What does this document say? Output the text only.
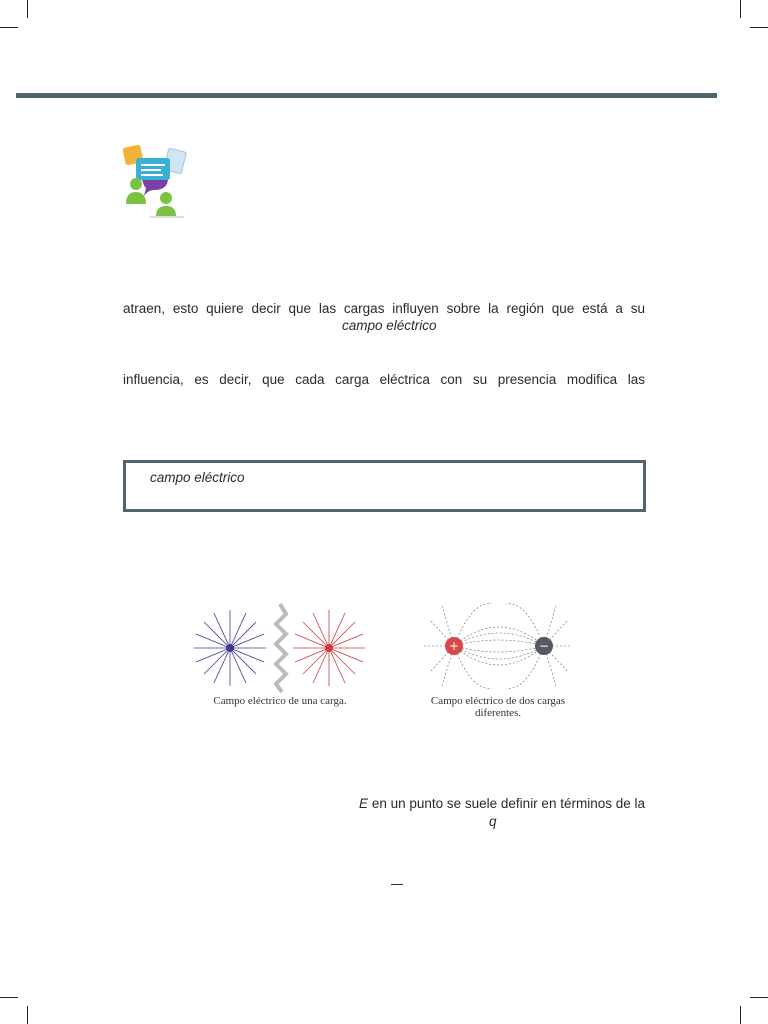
atraen, esto quiere decir que las cargas influyen sobre la región que está a su
campo eléctrico
influencia, es decir, que cada carga eléctrica con su presencia modifica las
campo eléctrico
Campo eléctrico de una carga.
+	−
Campo eléctrico de dos cargas
diferentes.
E en un punto se suele definir en términos de la
q
